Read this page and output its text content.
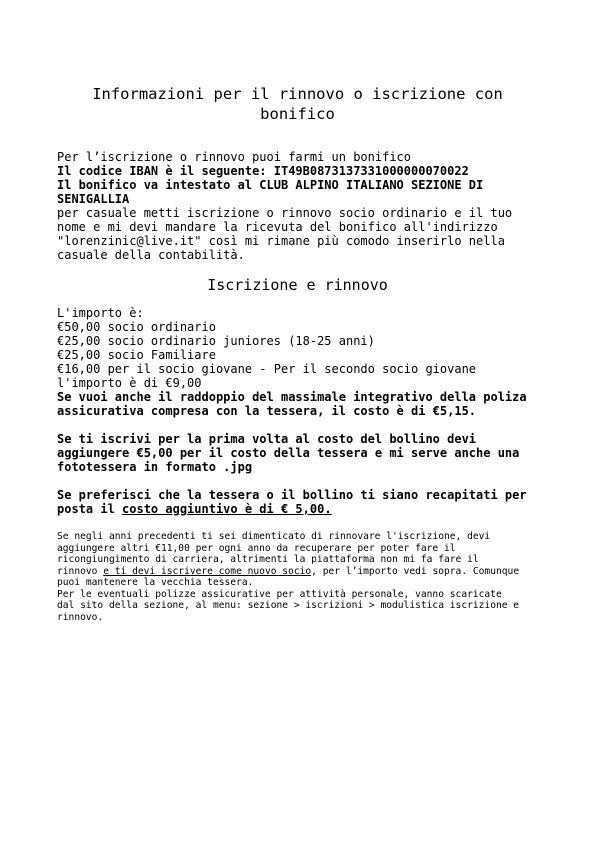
Informazioni per il rinnovo o iscrizione con
bonifico
Per l’iscrizione o rinnovo puoi farmi un bonifico
Il codice IBAN è il seguente: IT49B0873137331000000070022
Il bonifico va intestato al CLUB ALPINO ITALIANO SEZIONE DI
SENIGALLIA
per casuale metti iscrizione o rinnovo socio ordinario e il tuo
nome e mi devi mandare la ricevuta del bonifico all'indirizzo
"lorenzinic@live.it" così mi rimane più comodo inserirlo nella
casuale della contabilità.
Iscrizione e rinnovo
L'importo è:
€50,00 socio ordinario
€25,00 socio ordinario juniores (18-25 anni)
€25,00 socio Familiare
€16,00 per il socio giovane - Per il secondo socio giovane
l'importo è di €9,00
Se vuoi anche il raddoppio del massimale integrativo della poliza
assicurativa compresa con la tessera, il costo è di €5,15.
Se ti iscrivi per la prima volta al costo del bollino devi
aggiungere €5,00 per il costo della tessera e mi serve anche una
fototessera in formato .jpg
Se preferisci che la tessera o il bollino ti siano recapitati per
posta il costo aggiuntivo è di € 5,00.
Se negli anni precedenti ti sei dimenticato di rinnovare l'iscrizione, devi
aggiungere altri €11,00 per ogni anno da recuperare per poter fare il
ricongiungimento di carriera, altrimenti la piattaforma non mi fa fare il
rinnovo e ti devi iscrivere come nuovo socio, per l’importo vedi sopra. Comunque
puoi mantenere la vecchia tessera.
Per le eventuali polizze assicurative per attività personale, vanno scaricate
dal sito della sezione, al menu: sezione > iscrizioni > modulistica iscrizione e
rinnovo.
